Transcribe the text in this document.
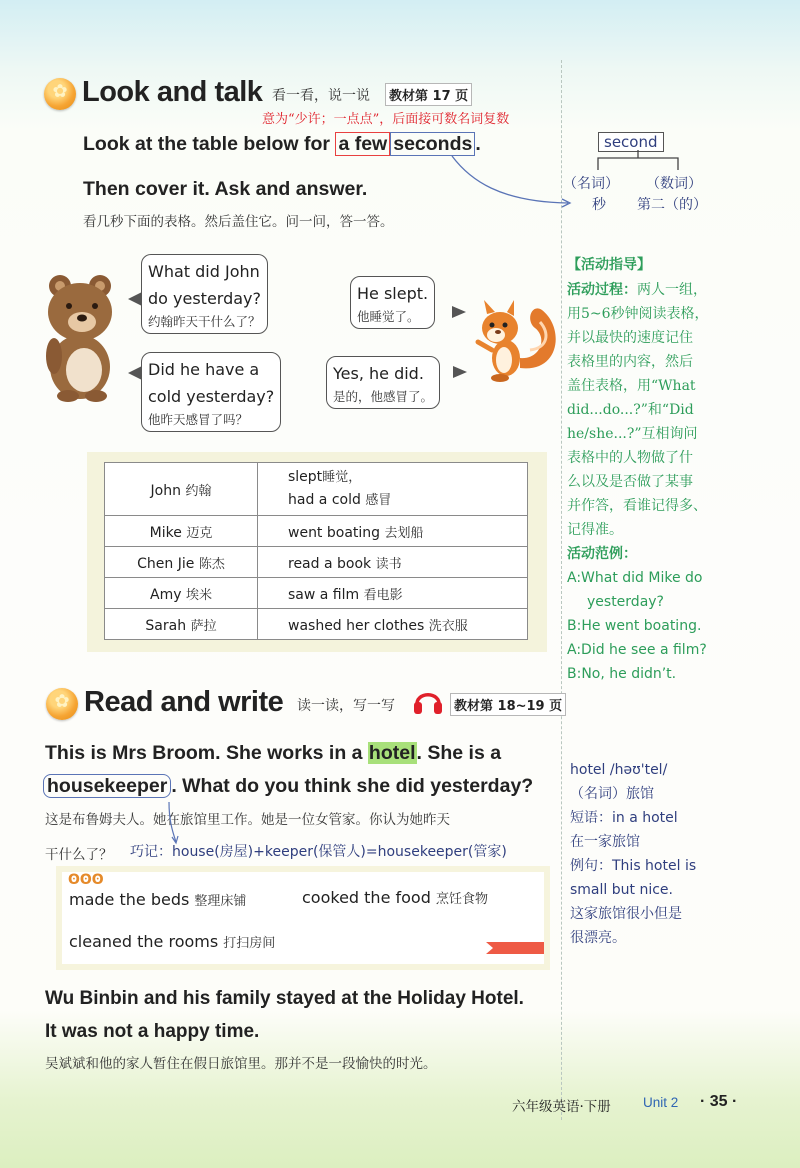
✿
Look and talk 看一看，说一说	教材第 17 页
意为“少许；一点点”，后面接可数名词复数
Look at the table below for a few seconds .
Then cover it. Ask and answer.
看几秒下面的表格。然后盖住它。问一问，答一答。
second
（名词） （数词）
秒 第二（的）
What did John
do yesterday?
约翰昨天干什么了？
Did he have a
cold yesterday?
他昨天感冒了吗？
He slept.
他睡觉了。
Yes, he did.
是的，他感冒了。
John 约翰	slept睡觉，
had a cold 感冒

Mike 迈克	went boating 去划船
Chen Jie 陈杰	read a book 读书
Amy 埃米	saw a film 看电影
Sarah 萨拉	washed her clothes 洗衣服
【活动指导】
活动过程：两人一组，
用5~6秒钟阅读表格，
并以最快的速度记住
表格里的内容，然后
盖住表格，用“What
did...do...?”和“Did
he/she...?”互相询问
表格中的人物做了什
么以及是否做了某事
并作答，看谁记得多、
记得准。
活动范例：
A:What did Mike do
yesterday?
B:He went boating.
A:Did he see a film?
B:No, he didn’t.
✿
Read and write 读一读，写一写	教材第 18~19 页
This is Mrs Broom. She works in a hotel. She is a
housekeeper . What do you think she did yesterday?
这是布鲁姆夫人。她在旅馆里工作。她是一位女管家。你认为她昨天
干什么了？ 巧记：house(房屋)+keeper(保管人)=housekeeper(管家)
ʘʘʘ
made the beds 整理床铺	cooked the food 烹饪食物
cleaned the rooms 打扫房间
Wu Binbin and his family stayed at the Holiday Hotel.
It was not a happy time.
吴斌斌和他的家人暂住在假日旅馆里。那并不是一段愉快的时光。
hotel /həʊ'tel/
（名词）旅馆
短语：in a hotel
在一家旅馆
例句：This hotel is
small but nice.
这家旅馆很小但是
很漂亮。
六年级英语·下册 Unit 2 · 35 ·
